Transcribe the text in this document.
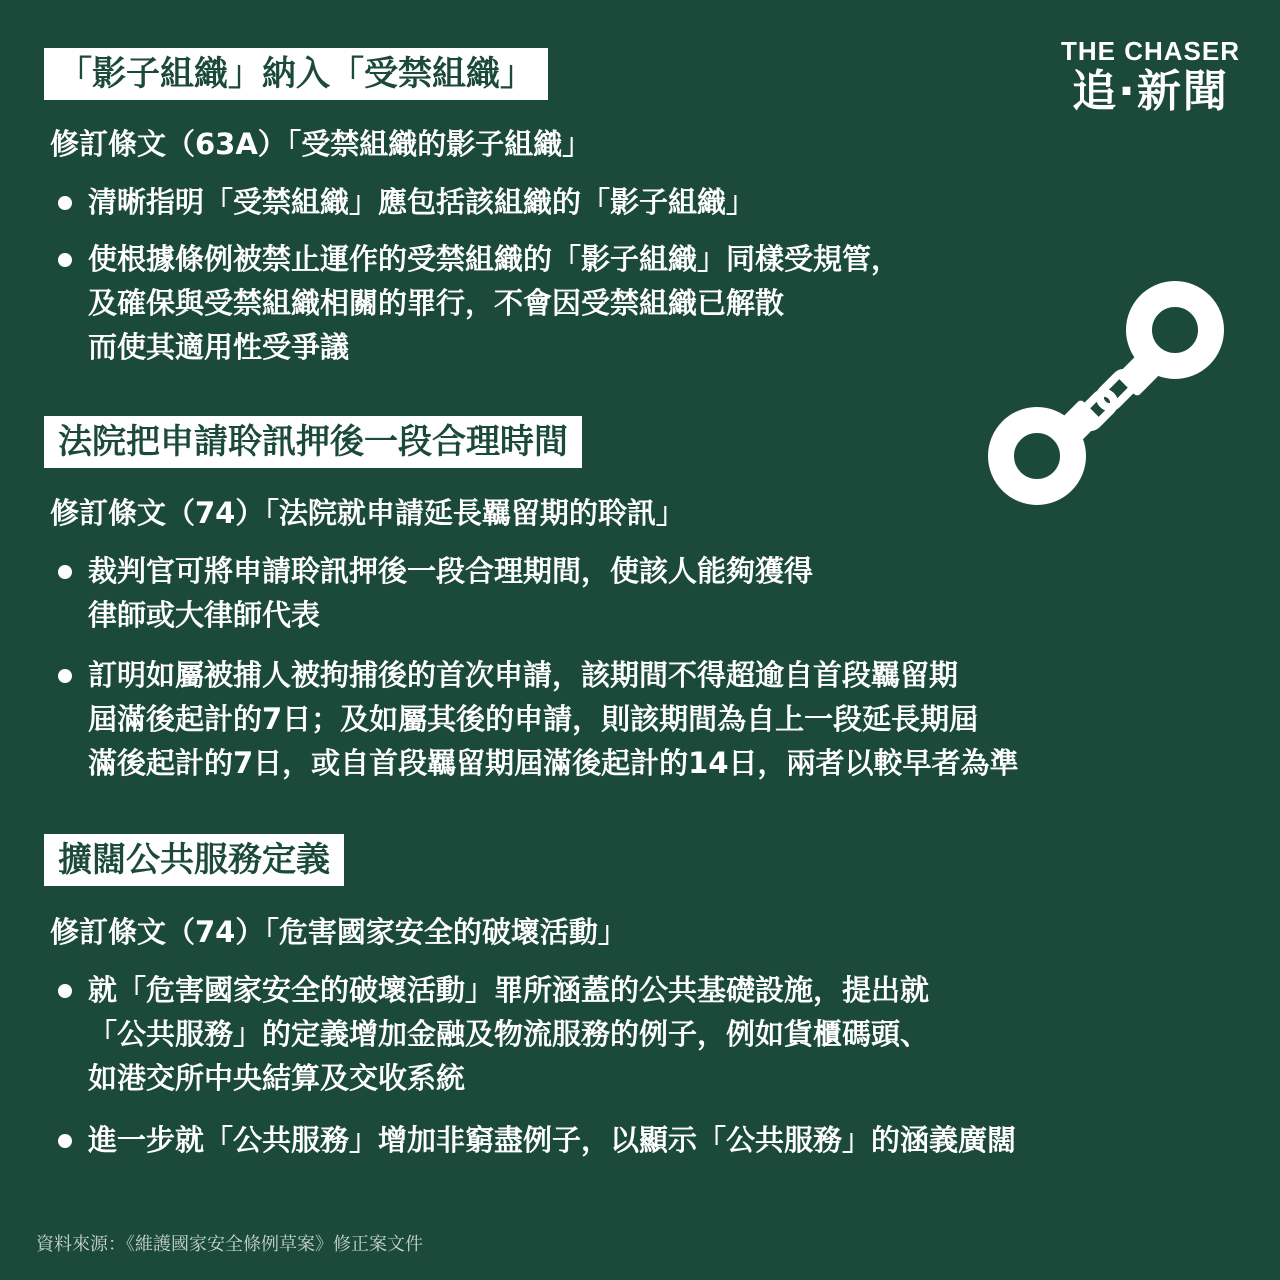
THE CHASER
追·新聞
「影子組織」納入「受禁組織」
修訂條文（63A）「受禁組織的影子組織」
清晰指明「受禁組織」應包括該組織的「影子組織」
使根據條例被禁止運作的受禁組織的「影子組織」同樣受規管，
及確保與受禁組織相關的罪行，不會因受禁組織已解散
而使其適用性受爭議
法院把申請聆訊押後一段合理時間
修訂條文（74）「法院就申請延長羈留期的聆訊」
裁判官可將申請聆訊押後一段合理期間，使該人能夠獲得
律師或大律師代表
訂明如屬被捕人被拘捕後的首次申請，該期間不得超逾自首段羈留期
屆滿後起計的7日；及如屬其後的申請，則該期間為自上一段延長期屆
滿後起計的7日，或自首段羈留期屆滿後起計的14日，兩者以較早者為準
擴闊公共服務定義
修訂條文（74）「危害國家安全的破壞活動」
就「危害國家安全的破壞活動」罪所涵蓋的公共基礎設施，提出就
「公共服務」的定義增加金融及物流服務的例子，例如貨櫃碼頭、
如港交所中央結算及交收系統
進一步就「公共服務」增加非窮盡例子，以顯示「公共服務」的涵義廣闊
資料來源：《維護國家安全條例草案》修正案文件
